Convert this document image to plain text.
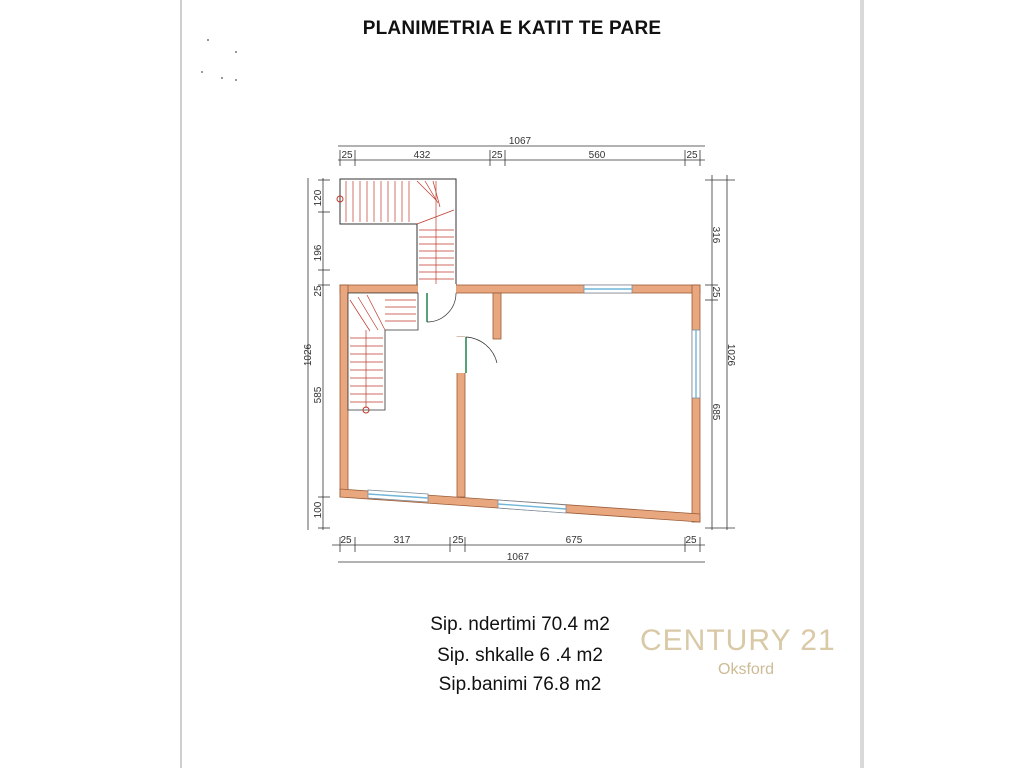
PLANIMETRIA E KATIT TE PARE
1067
25	432	25	560	25
25	317	25	675	25
1067
120
196
25
1026
585
100
316
25
1026
685
Sip. ndertimi 70.4 m2
Sip. shkalle 6 .4 m2
Sip.banimi 76.8 m2
CENTURY 21
Oksford
